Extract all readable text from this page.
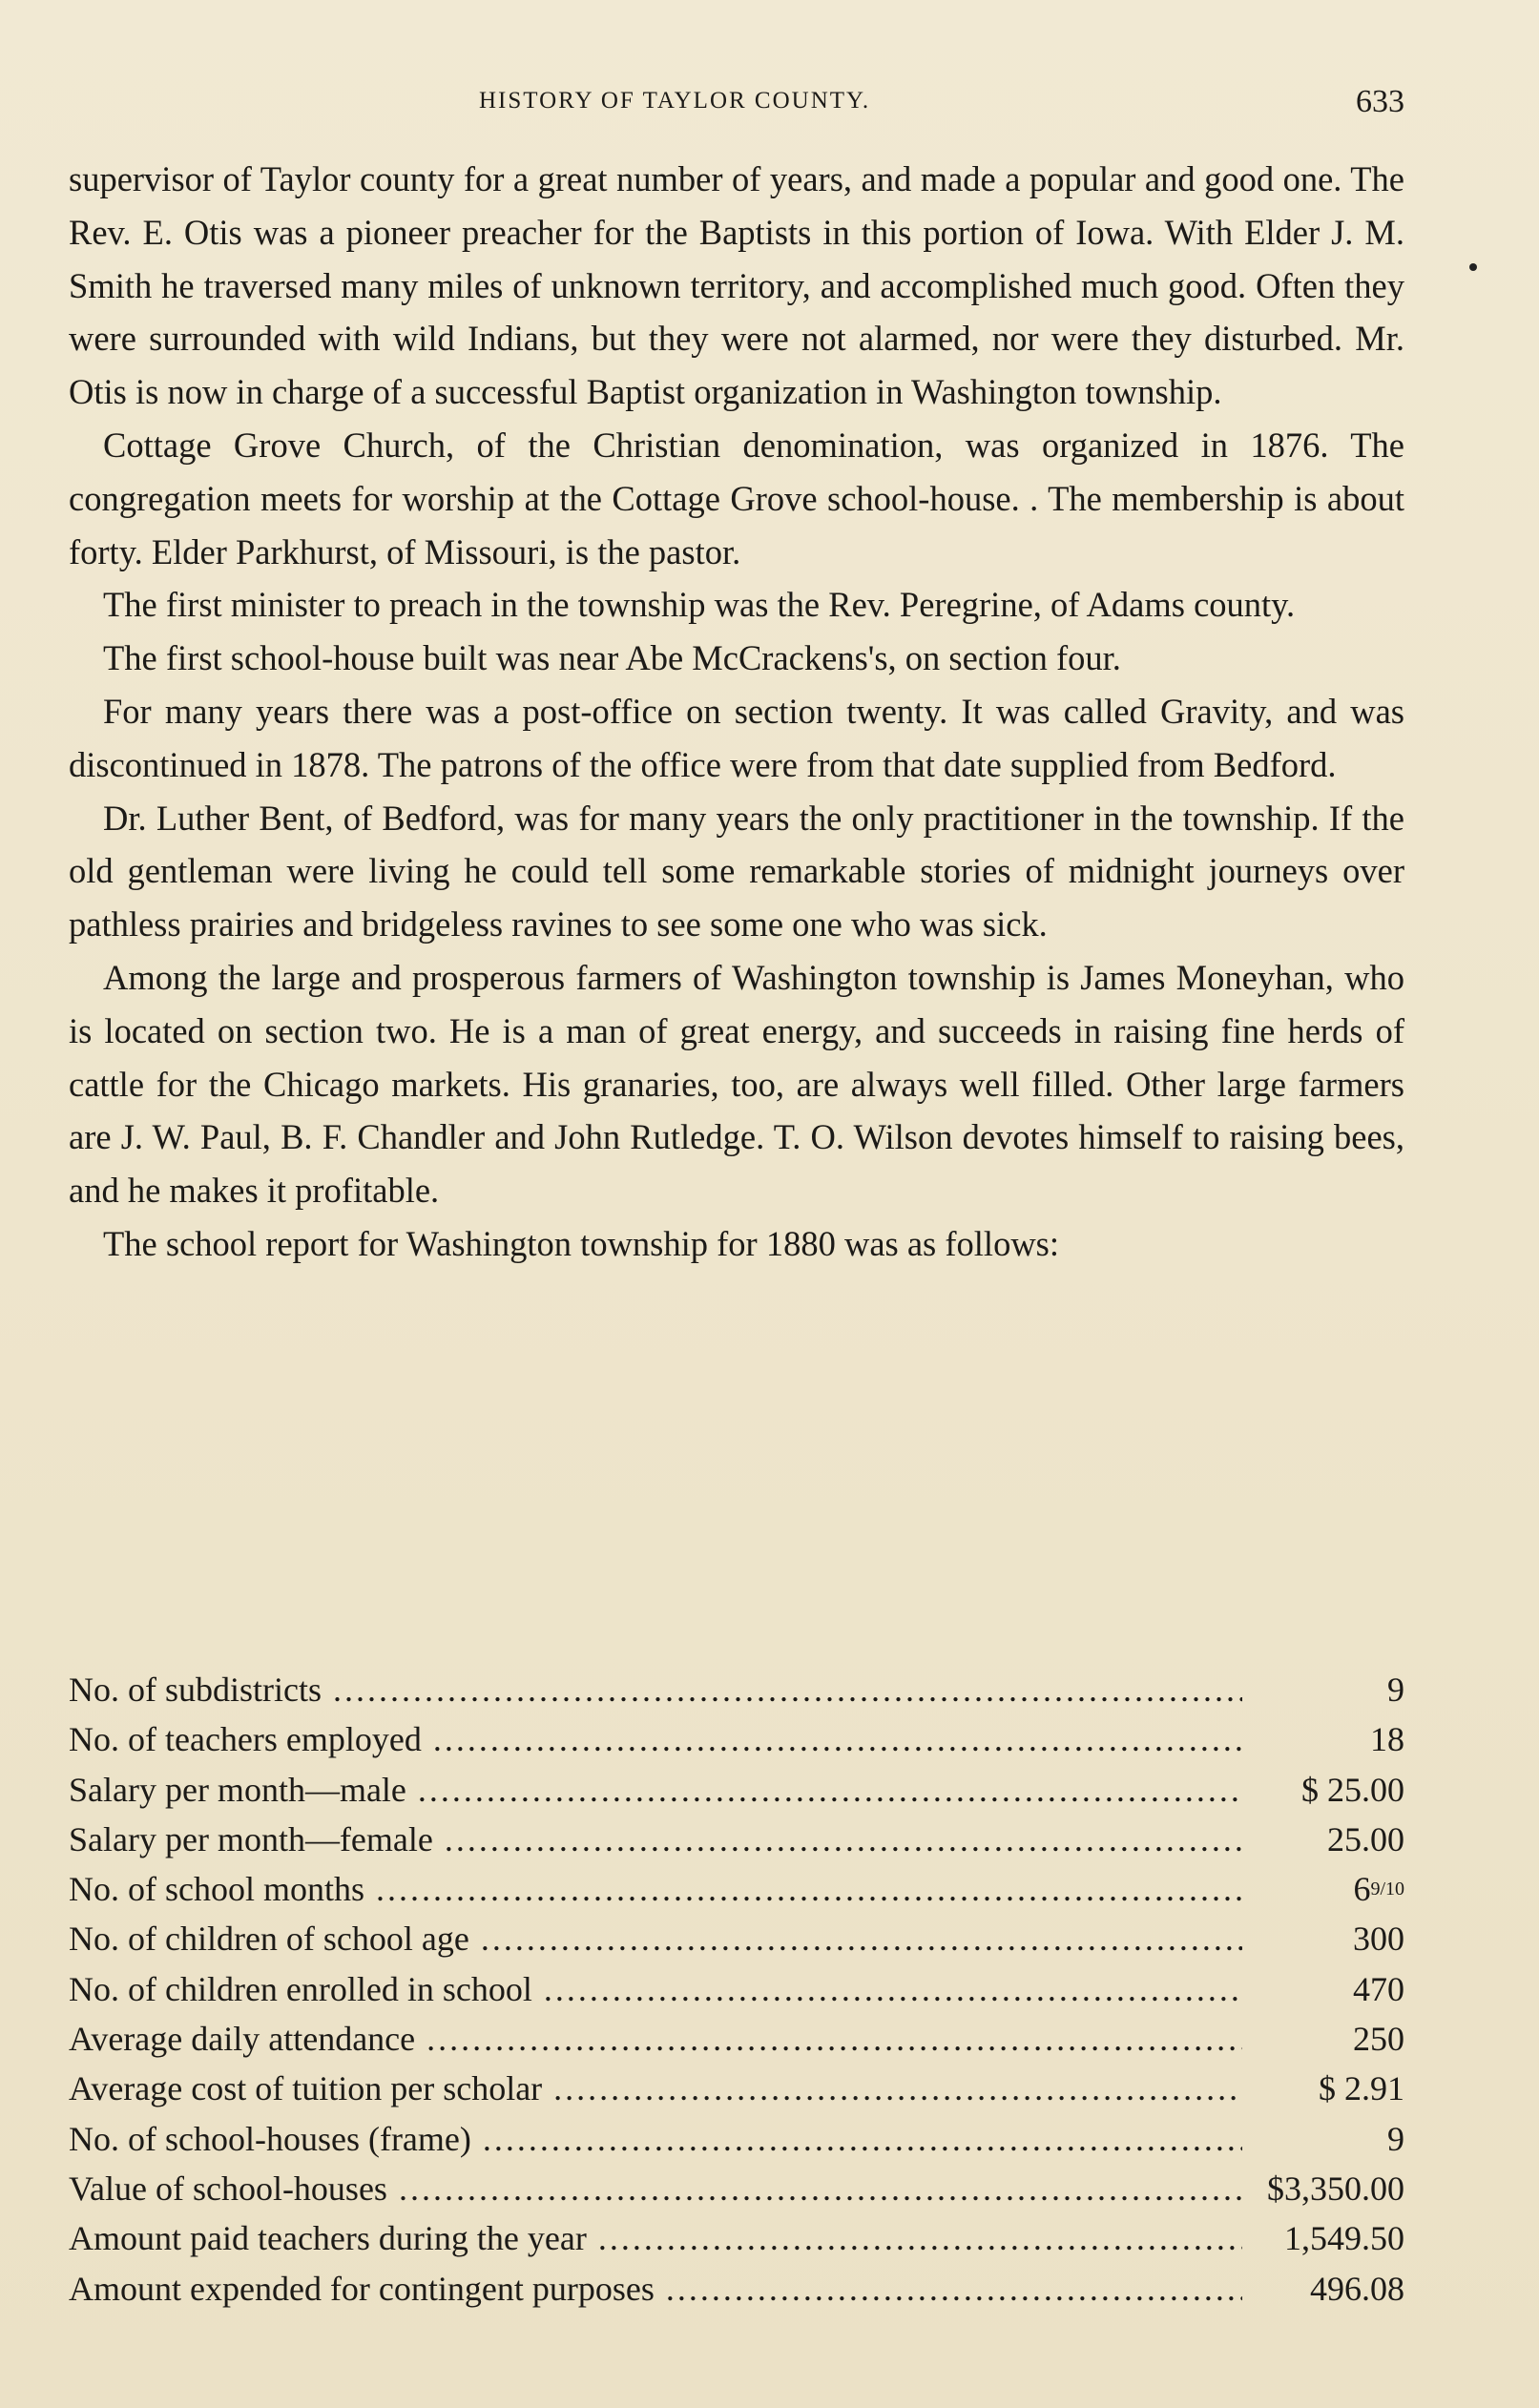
HISTORY OF TAYLOR COUNTY.	633

supervisor of Taylor county for a great number of years, and made a popular and good one. The Rev. E. Otis was a pioneer preacher for the Baptists in this portion of Iowa. With Elder J. M. Smith he traversed many miles of unknown territory, and accomplished much good. Often they were surrounded with wild Indians, but they were not alarmed, nor were they disturbed. Mr. Otis is now in charge of a successful Baptist organization in Washington township.

Cottage Grove Church, of the Christian denomination, was organized in 1876. The congregation meets for worship at the Cottage Grove school-house. . The membership is about forty. Elder Parkhurst, of Missouri, is the pastor.

The first minister to preach in the township was the Rev. Peregrine, of Adams county.

The first school-house built was near Abe McCrackens's, on section four.

For many years there was a post-office on section twenty. It was called Gravity, and was discontinued in 1878. The patrons of the office were from that date supplied from Bedford.

Dr. Luther Bent, of Bedford, was for many years the only practitioner in the township. If the old gentleman were living he could tell some remarkable stories of midnight journeys over pathless prairies and bridgeless ravines to see some one who was sick.

Among the large and prosperous farmers of Washington township is James Moneyhan, who is located on section two. He is a man of great energy, and succeeds in raising fine herds of cattle for the Chicago markets. His granaries, too, are always well filled. Other large farmers are J. W. Paul, B. F. Chandler and John Rutledge. T. O. Wilson devotes himself to raising bees, and he makes it profitable.

The school report for Washington township for 1880 was as follows:

No. of subdistricts .....	9
No. of teachers employed .....	18
Salary per month—male .....	$ 25.00
Salary per month—female .....	25.00
No. of school months .....	69/10
No. of children of school age .....	300
No. of children enrolled in school .....	470
Average daily attendance .....	250
Average cost of tuition per scholar .....	$ 2.91
No. of school-houses (frame) .....	9
Value of school-houses .....	$3,350.00
Amount paid teachers during the year .....	1,549.50
Amount expended for contingent purposes .....	496.08
